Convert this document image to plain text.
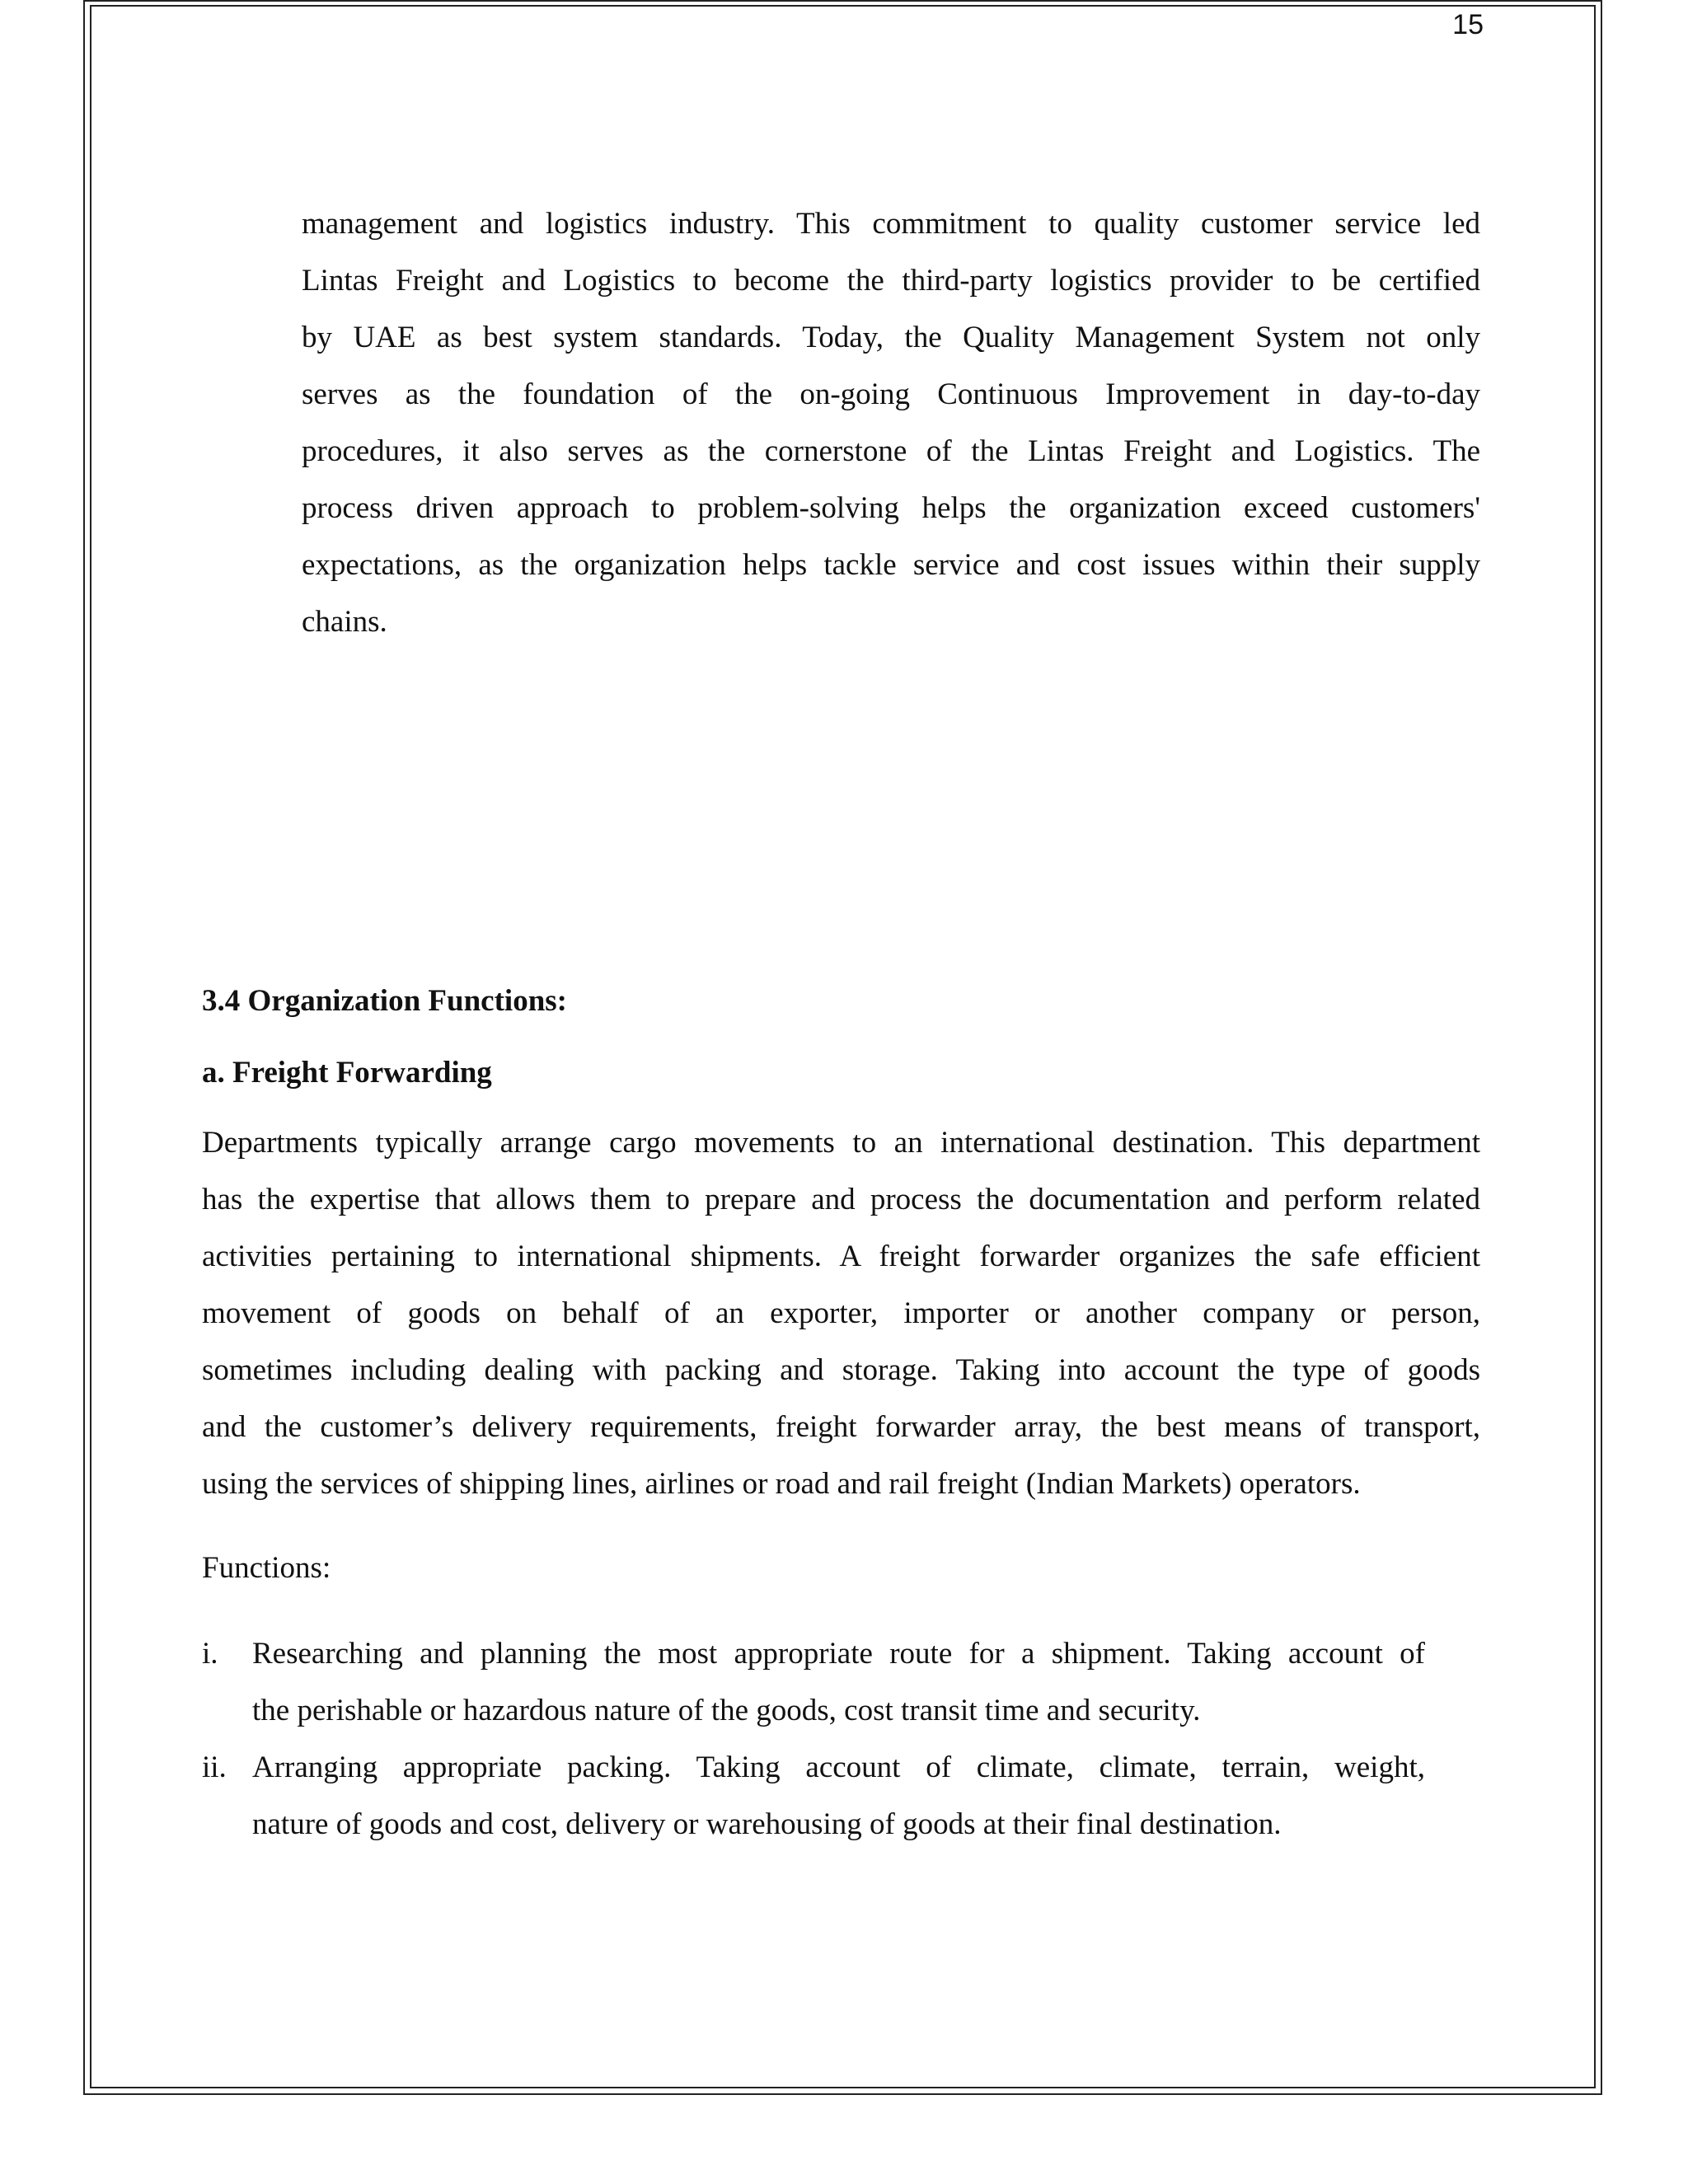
15
management and logistics industry. This commitment to quality customer service led
Lintas Freight and Logistics to become the third-party logistics provider to be certified
by UAE as best system standards. Today, the Quality Management System not only
serves as the foundation of the on-going Continuous Improvement in day-to-day
procedures, it also serves as the cornerstone of the Lintas Freight and Logistics. The
process driven approach to problem-solving helps the organization exceed customers'
expectations, as the organization helps tackle service and cost issues within their supply
chains.
3.4 Organization Functions:
a. Freight Forwarding
Departments typically arrange cargo movements to an international destination. This department
has the expertise that allows them to prepare and process the documentation and perform related
activities pertaining to international shipments. A freight forwarder organizes the safe efficient
movement of goods on behalf of an exporter, importer or another company or person,
sometimes including dealing with packing and storage. Taking into account the type of goods
and the customer’s delivery requirements, freight forwarder array, the best means of transport,
using the services of shipping lines, airlines or road and rail freight (Indian Markets) operators.

Functions:

i. Researching and planning the most appropriate route for a shipment. Taking account of
the perishable or hazardous nature of the goods, cost transit time and security.
ii. Arranging appropriate packing. Taking account of climate, climate, terrain, weight,
nature of goods and cost, delivery or warehousing of goods at their final destination.
